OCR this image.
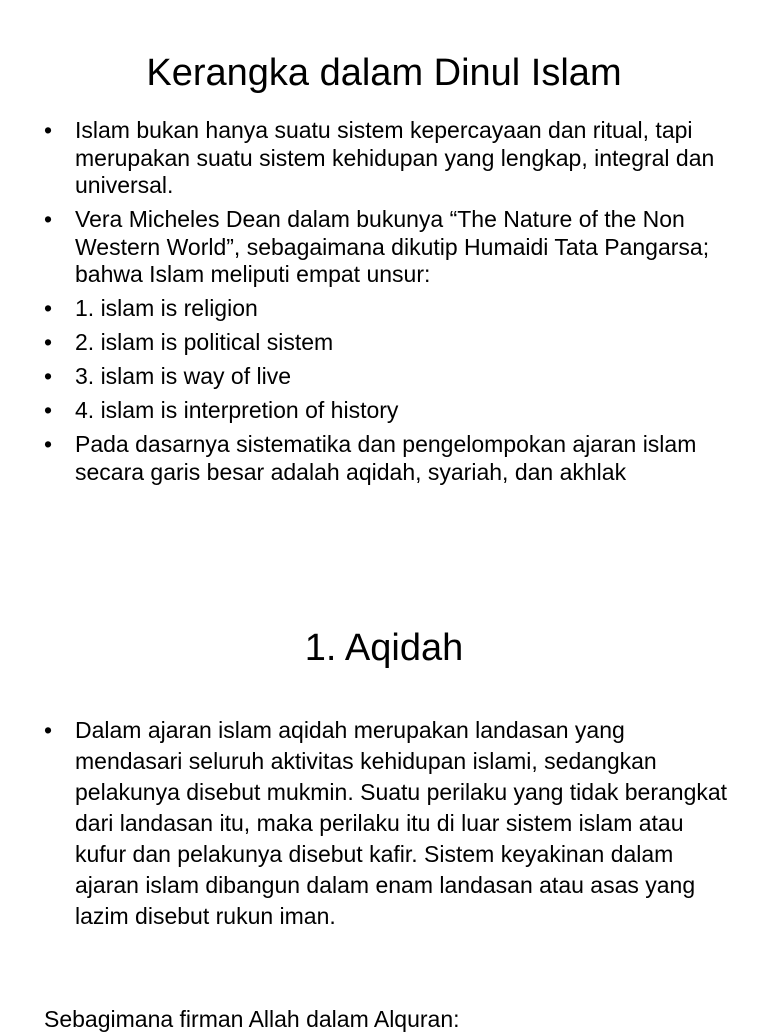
Kerangka dalam Dinul Islam
• Islam bukan hanya suatu sistem kepercayaan dan ritual, tapi merupakan suatu sistem kehidupan yang lengkap, integral dan universal.
• Vera Micheles Dean dalam bukunya “The Nature of the Non Western World”, sebagaimana dikutip Humaidi Tata Pangarsa; bahwa Islam meliputi empat unsur:
• 1. islam is religion
• 2. islam is political sistem
• 3. islam is way of live
• 4. islam is interpretion of history
• Pada dasarnya sistematika dan pengelompokan ajaran islam secara garis besar adalah aqidah, syariah, dan akhlak
1. Aqidah
• Dalam ajaran islam aqidah merupakan landasan yang mendasari seluruh aktivitas kehidupan islami, sedangkan pelakunya disebut mukmin. Suatu perilaku yang tidak berangkat dari landasan itu, maka perilaku itu di luar sistem islam atau kufur dan pelakunya disebut kafir. Sistem keyakinan dalam ajaran islam dibangun dalam enam landasan atau asas yang lazim disebut rukun iman.

Sebagimana firman Allah dalam Alquran:
